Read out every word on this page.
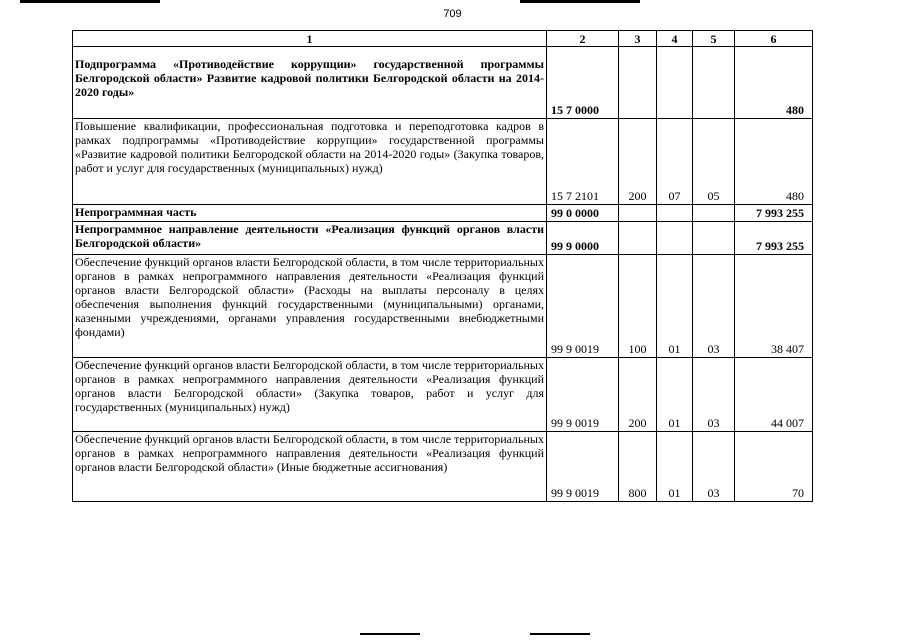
709
1	2	3	4	5	6
Подпрограмма «Противодействие коррупции» государственной программы Белгородской области» Развитие кадровой политики Белгородской области на 2014-2020 годы»	15 7 0000				480
Повышение квалификации, профессиональная подготовка и переподготовка кадров в рамках подпрограммы «Противодействие коррупции» государственной программы «Развитие кадровой политики Белгородской области на 2014-2020 годы» (Закупка товаров, работ и услуг для государственных (муниципальных) нужд)	15 7 2101	200	07	05	480
Непрограммная часть	99 0 0000				7 993 255
Непрограммное направление деятельности «Реализация функций органов власти Белгородской области»	99 9 0000				7 993 255
Обеспечение функций органов власти Белгородской области, в том числе территориальных органов в рамках непрограммного направления деятельности «Реализация функций органов власти Белгородской области» (Расходы на выплаты персоналу в целях обеспечения выполнения функций государственными (муниципальными) органами, казенными учреждениями, органами управления государственными внебюджетными фондами)	99 9 0019	100	01	03	38 407
Обеспечение функций органов власти Белгородской области, в том числе территориальных органов в рамках непрограммного направления деятельности «Реализация функций органов власти Белгородской области» (Закупка товаров, работ и услуг для государственных (муниципальных) нужд)	99 9 0019	200	01	03	44 007
Обеспечение функций органов власти Белгородской области, в том числе территориальных органов в рамках непрограммного направления деятельности «Реализация функций органов власти Белгородской области» (Иные бюджетные ассигнования)	99 9 0019	800	01	03	70
